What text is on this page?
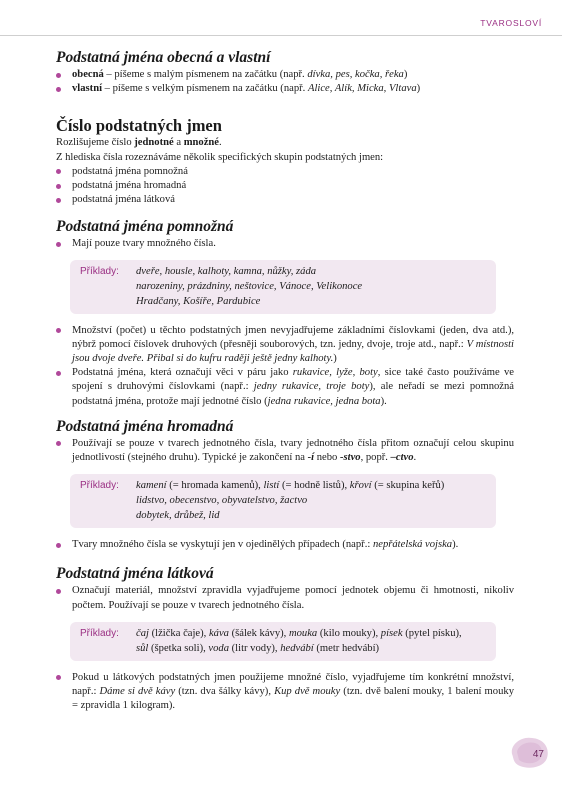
TVAROSLOVÍ
Podstatná jména obecná a vlastní
obecná – píšeme s malým písmenem na začátku (např. dívka, pes, kočka, řeka)
vlastní – píšeme s velkým písmenem na začátku (např. Alice, Alík, Micka, Vltava)
Číslo podstatných jmen

Rozlišujeme číslo jednotné a množné.

Z hlediska čísla rozeznáváme několik specifických skupin podstatných jmen:

podstatná jména pomnožná
podstatná jména hromadná
podstatná jména látková
Podstatná jména pomnožná
Mají pouze tvary množného čísla.
Příklady:	dveře, housle, kalhoty, kamna, nůžky, záda
narozeniny, prázdniny, neštovice, Vánoce, Velikonoce
Hradčany, Košíře, Pardubice
Množství (počet) u těchto podstatných jmen nevyjadřujeme základními číslovkami (jeden, dva atd.), nýbrž pomocí číslovek druhových (přesněji souborových, tzn. jedny, dvoje, troje atd., např.: V místnosti jsou dvoje dveře. Přibal si do kufru raději ještě jedny kalhoty.)
Podstatná jména, která označují věci v páru jako rukavice, lyže, boty, sice také často používáme ve spojení s druhovými číslovkami (např.: jedny rukavice, troje boty), ale neřadí se mezi pomnožná podstatná jména, protože mají jednotné číslo (jedna rukavice, jedna bota).
Podstatná jména hromadná
Používají se pouze v tvarech jednotného čísla, tvary jednotného čísla přitom označují celou skupinu jednotlivostí (stejného druhu). Typické je zakončení na -í nebo -stvo, popř. –ctvo.
Příklady:	kamení (= hromada kamenů), listí (= hodně listů), křoví (= skupina keřů)
lidstvo, obecenstvo, obyvatelstvo, žactvo
dobytek, drůbež, lid
Tvary množného čísla se vyskytují jen v ojedinělých případech (např.: nepřátelská vojska).
Podstatná jména látková
Označují materiál, množství zpravidla vyjadřujeme pomocí jednotek objemu či hmotnosti, nikoliv počtem. Používají se pouze v tvarech jednotného čísla.
Příklady:	čaj (lžička čaje), káva (šálek kávy), mouka (kilo mouky), písek (pytel písku),
sůl (špetka soli), voda (litr vody), hedvábí (metr hedvábí)
Pokud u látkových podstatných jmen použijeme množné číslo, vyjadřujeme tím konkrétní množství, např.: Dáme si dvě kávy (tzn. dva šálky kávy), Kup dvě mouky (tzn. dvě balení mouky, 1 balení mouky = zpravidla 1 kilogram).
47
